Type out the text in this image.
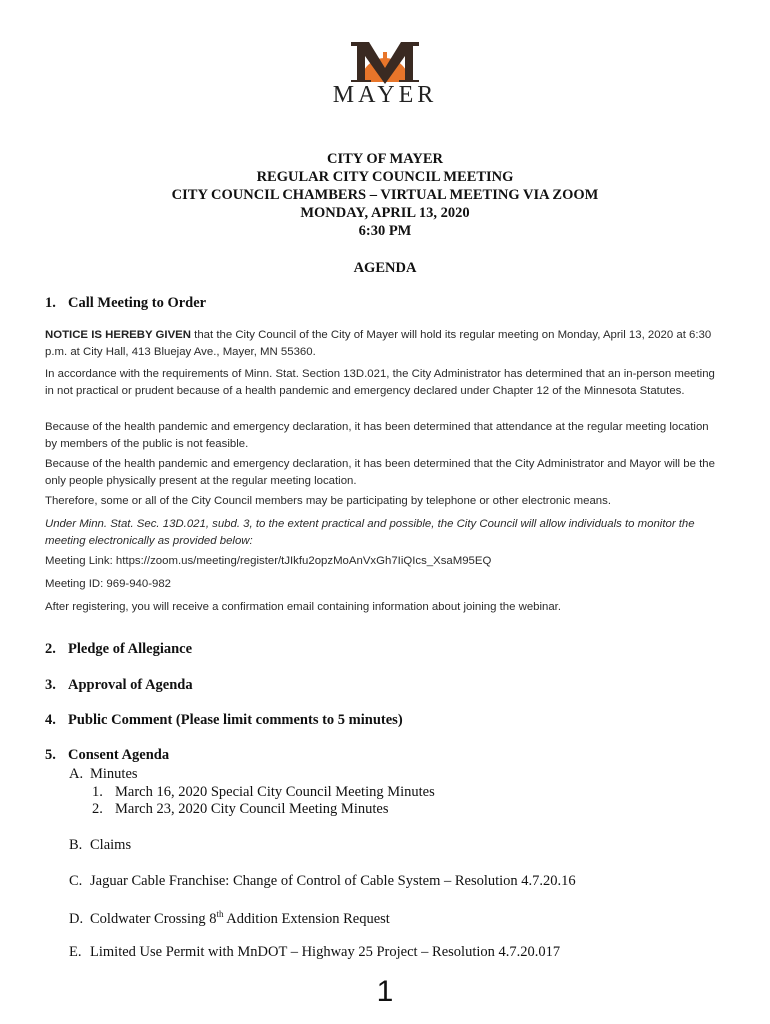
MAYER
CITY OF MAYER
REGULAR CITY COUNCIL MEETING
CITY COUNCIL CHAMBERS – VIRTUAL MEETING VIA ZOOM
MONDAY, APRIL 13, 2020
6:30 PM
AGENDA
1. Call Meeting to Order
NOTICE IS HEREBY GIVEN that the City Council of the City of Mayer will hold its regular meeting on Monday, April 13, 2020 at 6:30 p.m. at City Hall, 413 Bluejay Ave., Mayer, MN 55360.
In accordance with the requirements of Minn. Stat. Section 13D.021, the City Administrator has determined that an in-person meeting in not practical or prudent because of a health pandemic and emergency declared under Chapter 12 of the Minnesota Statutes.
Because of the health pandemic and emergency declaration, it has been determined that attendance at the regular meeting location by members of the public is not feasible.
Because of the health pandemic and emergency declaration, it has been determined that the City Administrator and Mayor will be the only people physically present at the regular meeting location.
Therefore, some or all of the City Council members may be participating by telephone or other electronic means.
Under Minn. Stat. Sec. 13D.021, subd. 3, to the extent practical and possible, the City Council will allow individuals to monitor the meeting electronically as provided below:
Meeting Link: https://zoom.us/meeting/register/tJIkfu2opzMoAnVxGh7IiQIcs_XsaM95EQ
Meeting ID: 969-940-982
After registering, you will receive a confirmation email containing information about joining the webinar.
2. Pledge of Allegiance
3. Approval of Agenda
4. Public Comment (Please limit comments to 5 minutes)
5. Consent Agenda
A. Minutes
1. March 16, 2020 Special City Council Meeting Minutes
2. March 23, 2020 City Council Meeting Minutes
B. Claims
C. Jaguar Cable Franchise: Change of Control of Cable System – Resolution 4.7.20.16
D. Coldwater Crossing 8th Addition Extension Request
E. Limited Use Permit with MnDOT – Highway 25 Project – Resolution 4.7.20.017
1
